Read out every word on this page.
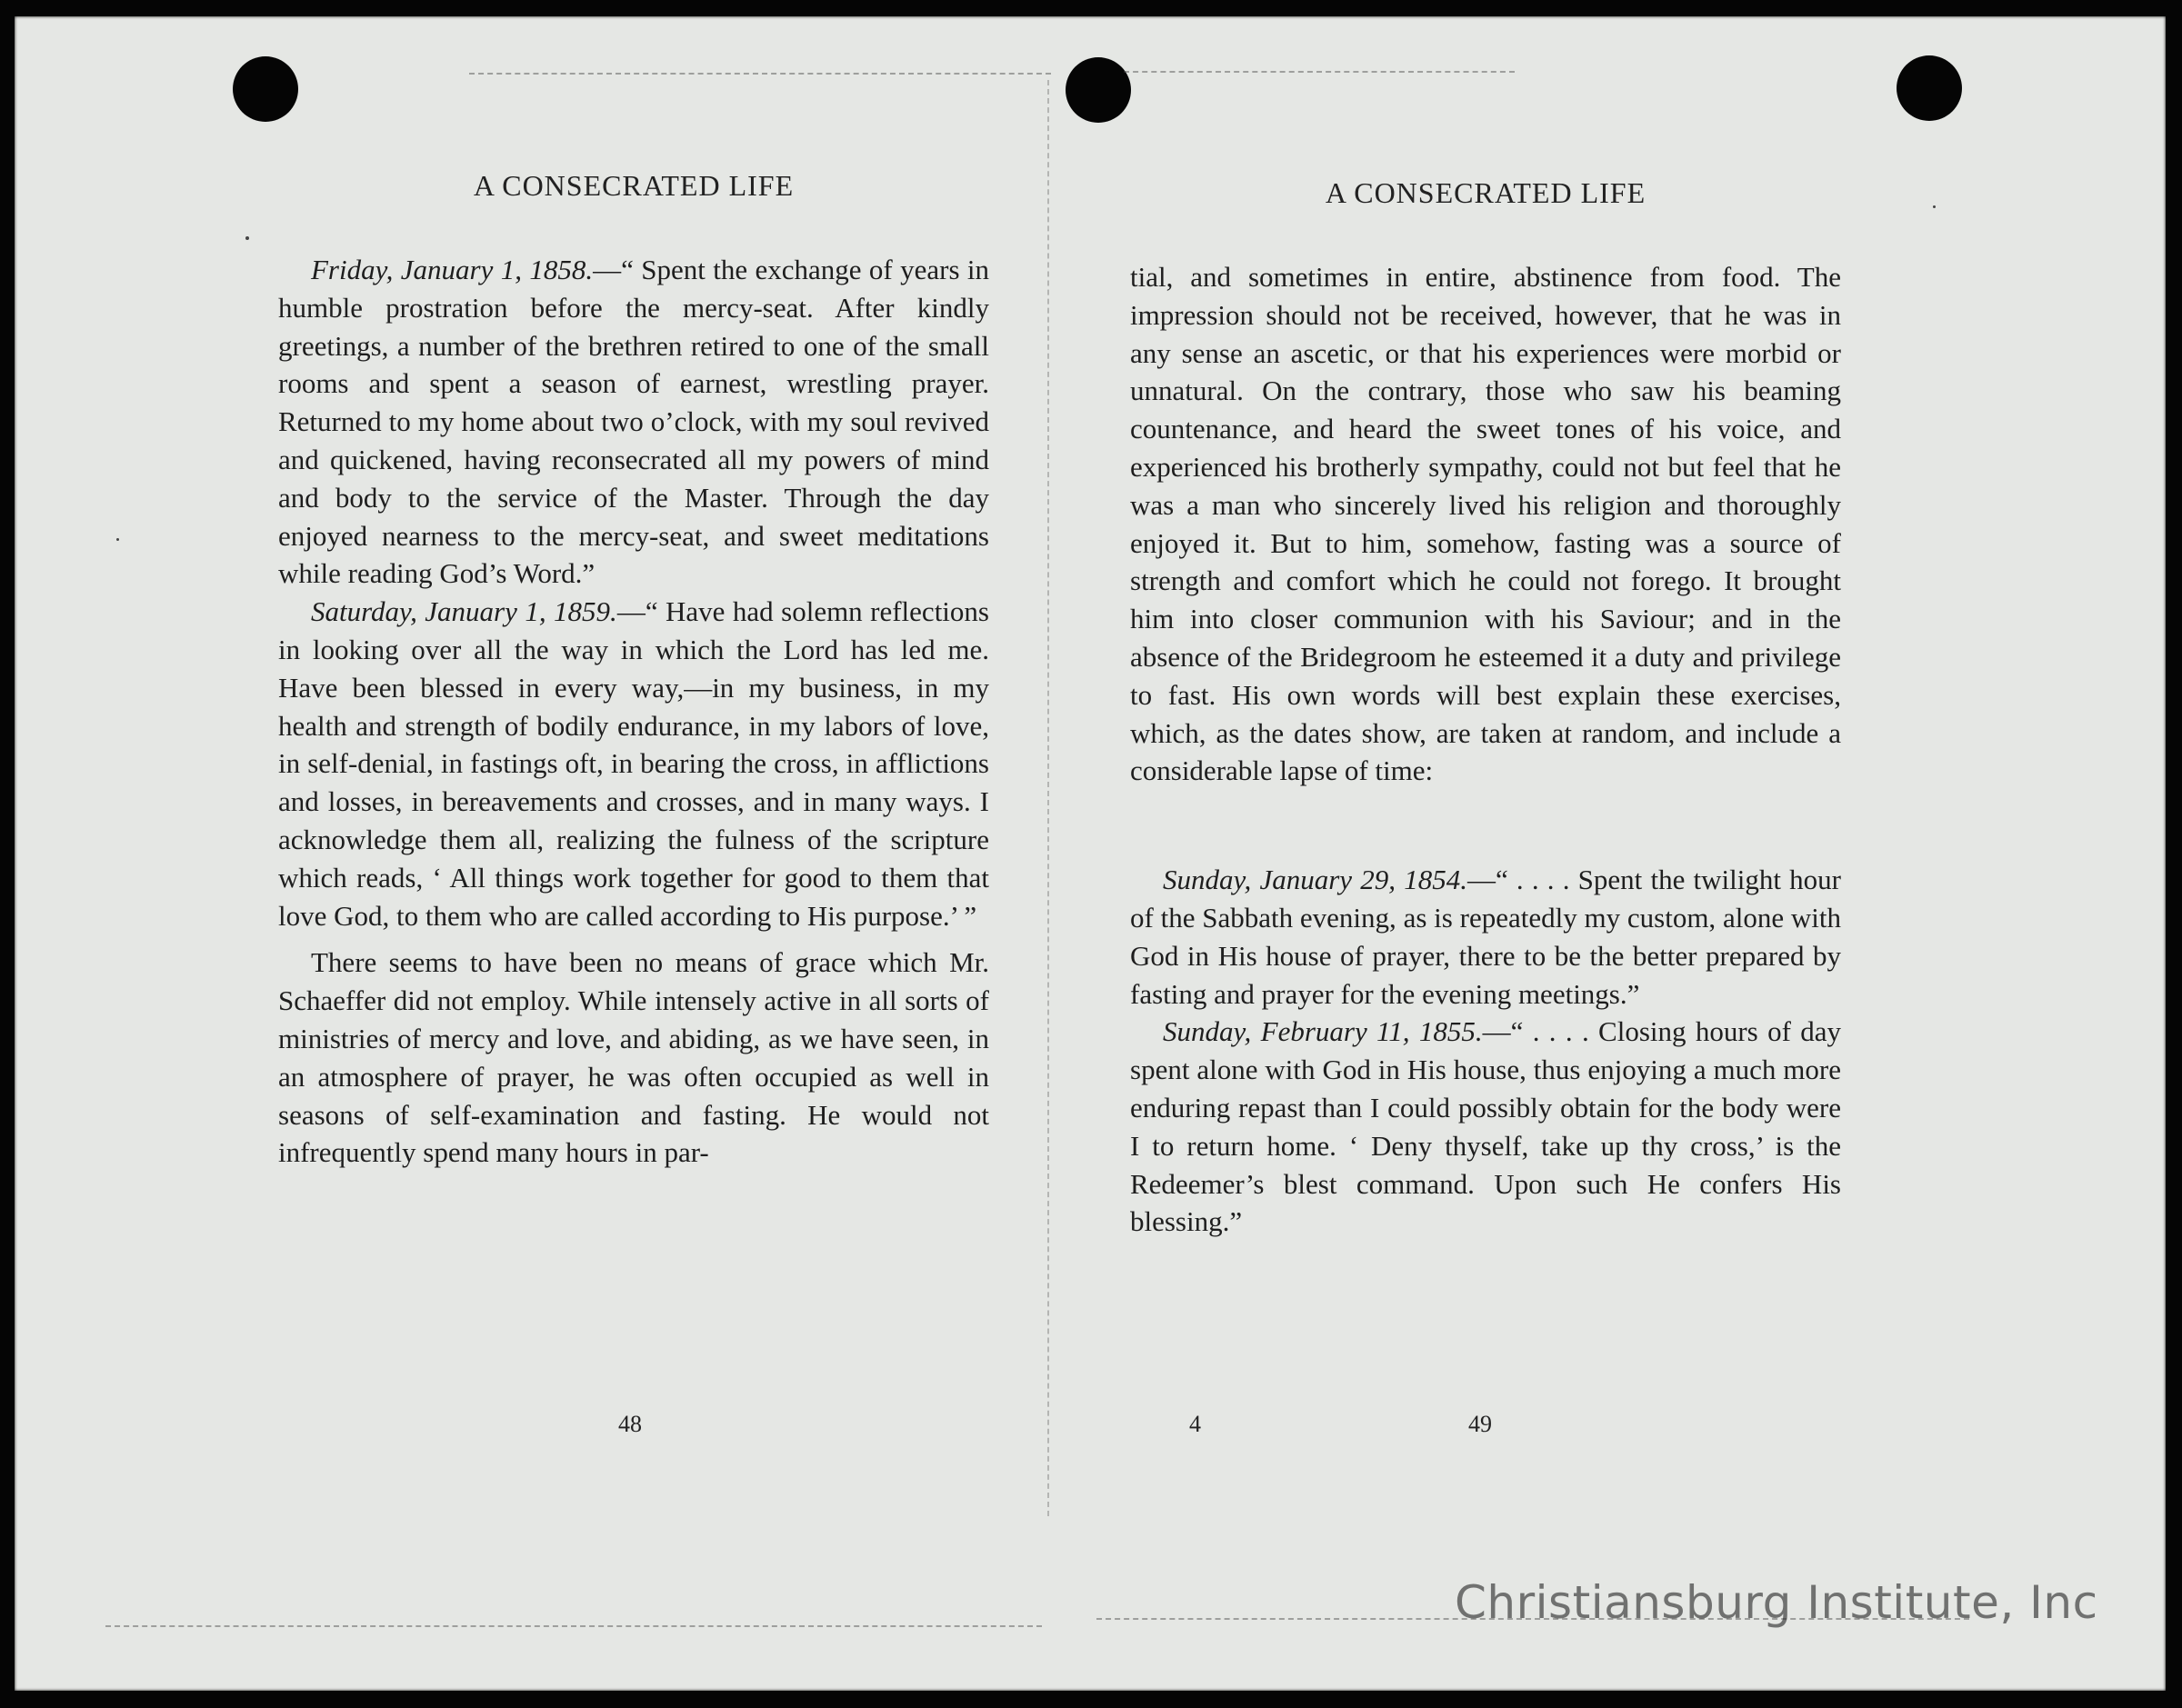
A CONSECRATED LIFE

Friday, January 1, 1858.—“ Spent the exchange of years in humble prostration before the mercy-seat. After kindly greetings, a number of the brethren retired to one of the small rooms and spent a season of earnest, wrestling prayer. Returned to my home about two o’clock, with my soul revived and quickened, having reconsecrated all my powers of mind and body to the service of the Master. Through the day enjoyed nearness to the mercy-seat, and sweet meditations while reading God’s Word.”

Saturday, January 1, 1859.—“ Have had solemn reflections in looking over all the way in which the Lord has led me. Have been blessed in every way,—in my business, in my health and strength of bodily endurance, in my labors of love, in self-denial, in fastings oft, in bearing the cross, in afflictions and losses, in bereavements and crosses, and in many ways. I acknowledge them all, realizing the fulness of the scripture which reads, ‘ All things work together for good to them that love God, to them who are called according to His purpose.’ ”

There seems to have been no means of grace which Mr. Schaeffer did not employ. While intensely active in all sorts of ministries of mercy and love, and abiding, as we have seen, in an atmosphere of prayer, he was often occupied as well in seasons of self-examination and fasting. He would not infrequently spend many hours in par-

48
A CONSECRATED LIFE

tial, and sometimes in entire, abstinence from food. The impression should not be received, however, that he was in any sense an ascetic, or that his experiences were morbid or unnatural. On the contrary, those who saw his beaming countenance, and heard the sweet tones of his voice, and experienced his brotherly sympathy, could not but feel that he was a man who sincerely lived his religion and thoroughly enjoyed it. But to him, somehow, fasting was a source of strength and comfort which he could not forego. It brought him into closer communion with his Saviour; and in the absence of the Bridegroom he esteemed it a duty and privilege to fast. His own words will best explain these exercises, which, as the dates show, are taken at random, and include a considerable lapse of time:

Sunday, January 29, 1854.—“ . . . . Spent the twilight hour of the Sabbath evening, as is repeatedly my custom, alone with God in His house of prayer, there to be the better prepared by fasting and prayer for the evening meetings.”

Sunday, February 11, 1855.—“ . . . . Closing hours of day spent alone with God in His house, thus enjoying a much more enduring repast than I could possibly obtain for the body were I to return home. ‘ Deny thyself, take up thy cross,’ is the Redeemer’s blest command. Upon such He confers His blessing.”

4	49
Christiansburg Institute, Inc
